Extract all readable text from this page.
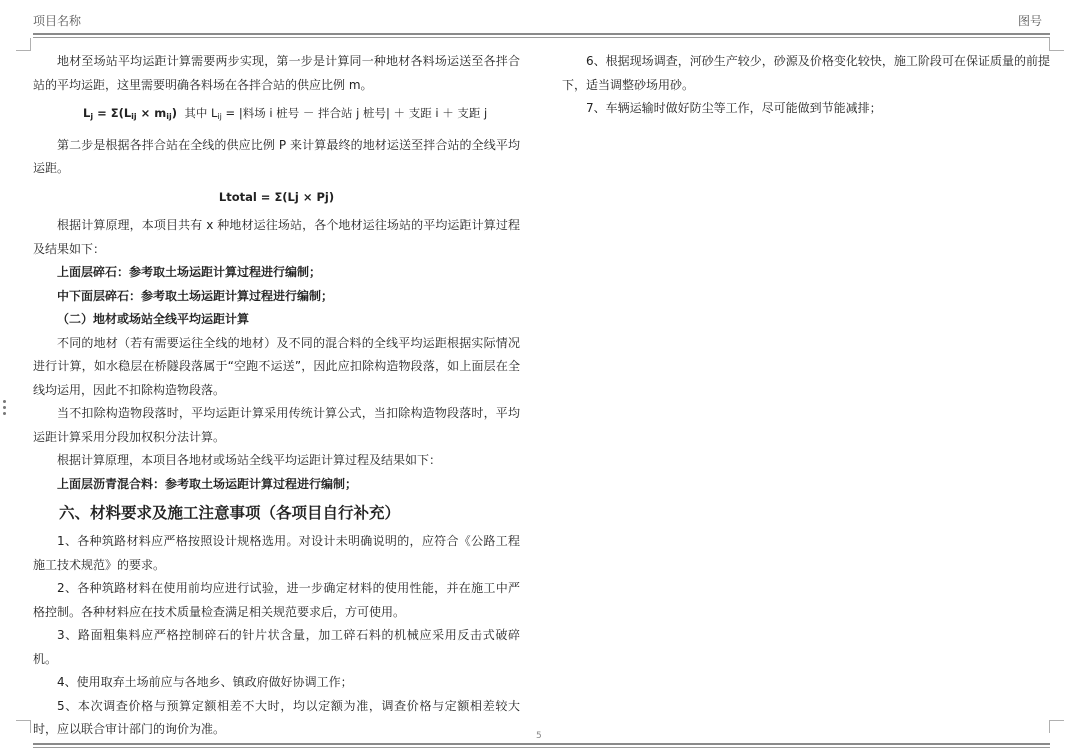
项目名称	图号

地材至场站平均运距计算需要两步实现，第一步是计算同一种地材各料场运送至各拌合站的平均运距，这里需要明确各料场在各拌合站的供应比例 m。

$L_j = \Sigma(L_{ij} \times m_{ij})$ 其中 $L_{ij}$ = |料场 i 桩号 － 拌合站 j 桩号| ＋ 支距 i ＋ 支距 j

第二步是根据各拌合站在全线的供应比例 P 来计算最终的地材运送至拌合站的全线平均运距。

Ltotal = Σ(Lj × Pj)

根据计算原理，本项目共有 x 种地材运往场站，各个地材运往场站的平均运距计算过程及结果如下：

上面层碎石：参考取土场运距计算过程进行编制；

中下面层碎石：参考取土场运距计算过程进行编制；

（二）地材或场站全线平均运距计算

不同的地材（若有需要运往全线的地材）及不同的混合料的全线平均运距根据实际情况进行计算，如水稳层在桥隧段落属于“空跑不运送”，因此应扣除构造物段落，如上面层在全线均运用，因此不扣除构造物段落。

当不扣除构造物段落时，平均运距计算采用传统计算公式，当扣除构造物段落时，平均运距计算采用分段加权积分法计算。

根据计算原理，本项目各地材或场站全线平均运距计算过程及结果如下：

上面层沥青混合料：参考取土场运距计算过程进行编制；

六、材料要求及施工注意事项（各项目自行补充）

1、各种筑路材料应严格按照设计规格选用。对设计未明确说明的，应符合《公路工程施工技术规范》的要求。

2、各种筑路材料在使用前均应进行试验，进一步确定材料的使用性能，并在施工中严格控制。各种材料应在技术质量检查满足相关规范要求后，方可使用。

3、路面粗集料应严格控制碎石的针片状含量，加工碎石料的机械应采用反击式破碎机。

4、使用取弃土场前应与各地乡、镇政府做好协调工作；

5、本次调查价格与预算定额相差不大时，均以定额为准，调查价格与定额相差较大时，应以联合审计部门的询价为准。

6、根据现场调查，河砂生产较少，砂源及价格变化较快，施工阶段可在保证质量的前提下，适当调整砂场用砂。

7、车辆运输时做好防尘等工作，尽可能做到节能减排；

5
